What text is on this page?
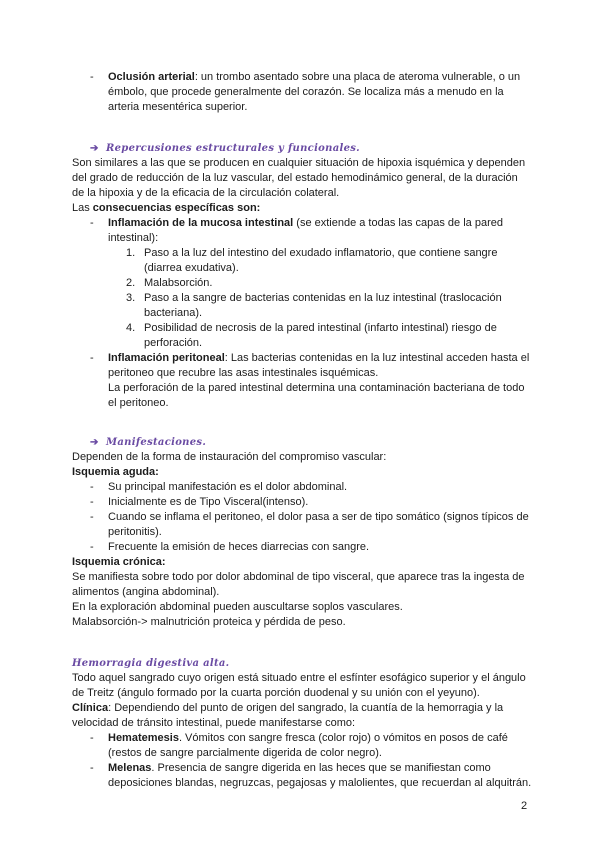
- Oclusión arterial: un trombo asentado sobre una placa de ateroma vulnerable, o un émbolo, que procede generalmente del corazón. Se localiza más a menudo en la arteria mesentérica superior.

➔ Repercusiones estructurales y funcionales.

Son similares a las que se producen en cualquier situación de hipoxia isquémica y dependen del grado de reducción de la luz vascular, del estado hemodinámico general, de la duración de la hipoxia y de la eficacia de la circulación colateral.

Las consecuencias específicas son:

- Inflamación de la mucosa intestinal (se extiende a todas las capas de la pared intestinal):

1. Paso a la luz del intestino del exudado inflamatorio, que contiene sangre (diarrea exudativa).
2. Malabsorción.
3. Paso a la sangre de bacterias contenidas en la luz intestinal (traslocación bacteriana).
4. Posibilidad de necrosis de la pared intestinal (infarto intestinal) riesgo de perforación.

- Inflamación peritoneal: Las bacterias contenidas en la luz intestinal acceden hasta el peritoneo que recubre las asas intestinales isquémicas.

La perforación de la pared intestinal determina una contaminación bacteriana de todo el peritoneo.

➔ Manifestaciones.

Dependen de la forma de instauración del compromiso vascular:

Isquemia aguda:

- Su principal manifestación es el dolor abdominal.

- Inicialmente es de Tipo Visceral(intenso).

- Cuando se inflama el peritoneo, el dolor pasa a ser de tipo somático (signos típicos de peritonitis).

- Frecuente la emisión de heces diarrecias con sangre.

Isquemia crónica:

Se manifiesta sobre todo por dolor abdominal de tipo visceral, que aparece tras la ingesta de alimentos (angina abdominal).

En la exploración abdominal pueden auscultarse soplos vasculares.

Malabsorción-> malnutrición proteica y pérdida de peso.

Hemorragia digestiva alta.

Todo aquel sangrado cuyo origen está situado entre el esfínter esofágico superior y el ángulo de Treitz (ángulo formado por la cuarta porción duodenal y su unión con el yeyuno).

Clínica: Dependiendo del punto de origen del sangrado, la cuantía de la hemorragia y la velocidad de tránsito intestinal, puede manifestarse como:

- Hematemesis. Vómitos con sangre fresca (color rojo) o vómitos en posos de café (restos de sangre parcialmente digerida de color negro).

- Melenas. Presencia de sangre digerida en las heces que se manifiestan como deposiciones blandas, negruzcas, pegajosas y malolientes, que recuerdan al alquitrán.

2
